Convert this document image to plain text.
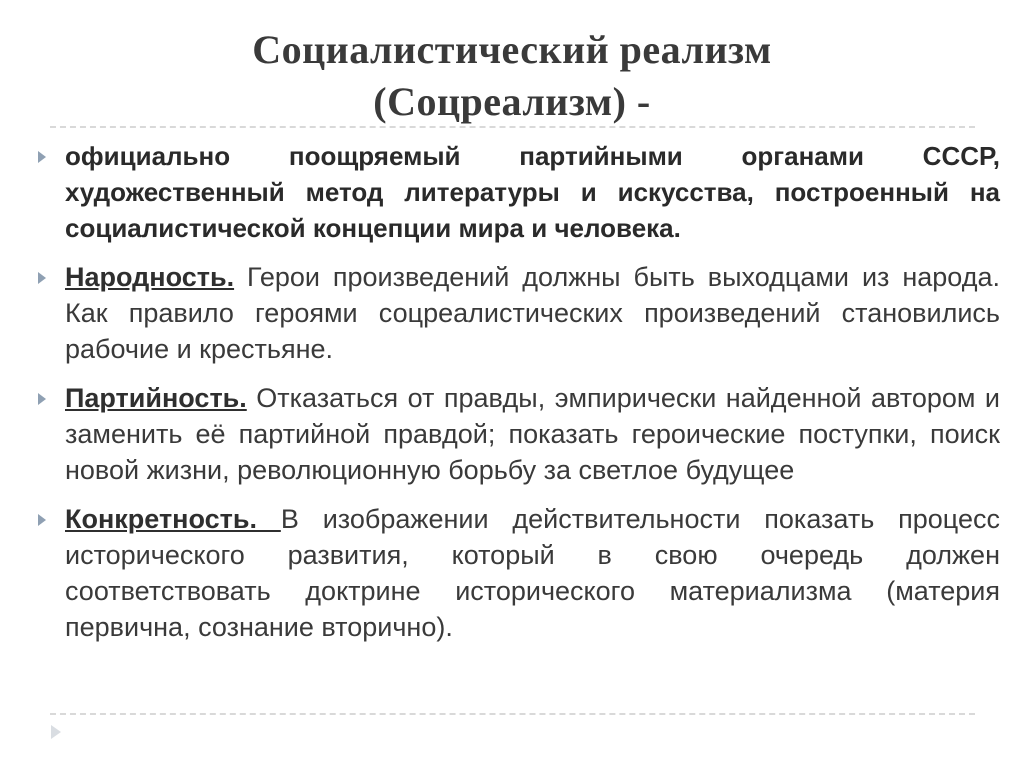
Социалистический реализм
(Соцреализм) -
официально поощряемый партийными органами СССР, художественный метод литературы и искусства, построенный на социалистической концепции мира и человека.
Народность. Герои произведений должны быть выходцами из народа. Как правило героями соцреалистических произведений становились рабочие и крестьяне.
Партийность. Отказаться от правды, эмпирически найденной автором и заменить её партийной правдой; показать героические поступки, поиск новой жизни, революционную борьбу за светлое будущее
Конкретность. В изображении действительности показать процесс исторического развития, который в свою очередь должен соответствовать доктрине исторического материализма (материя первична, сознание вторично).
